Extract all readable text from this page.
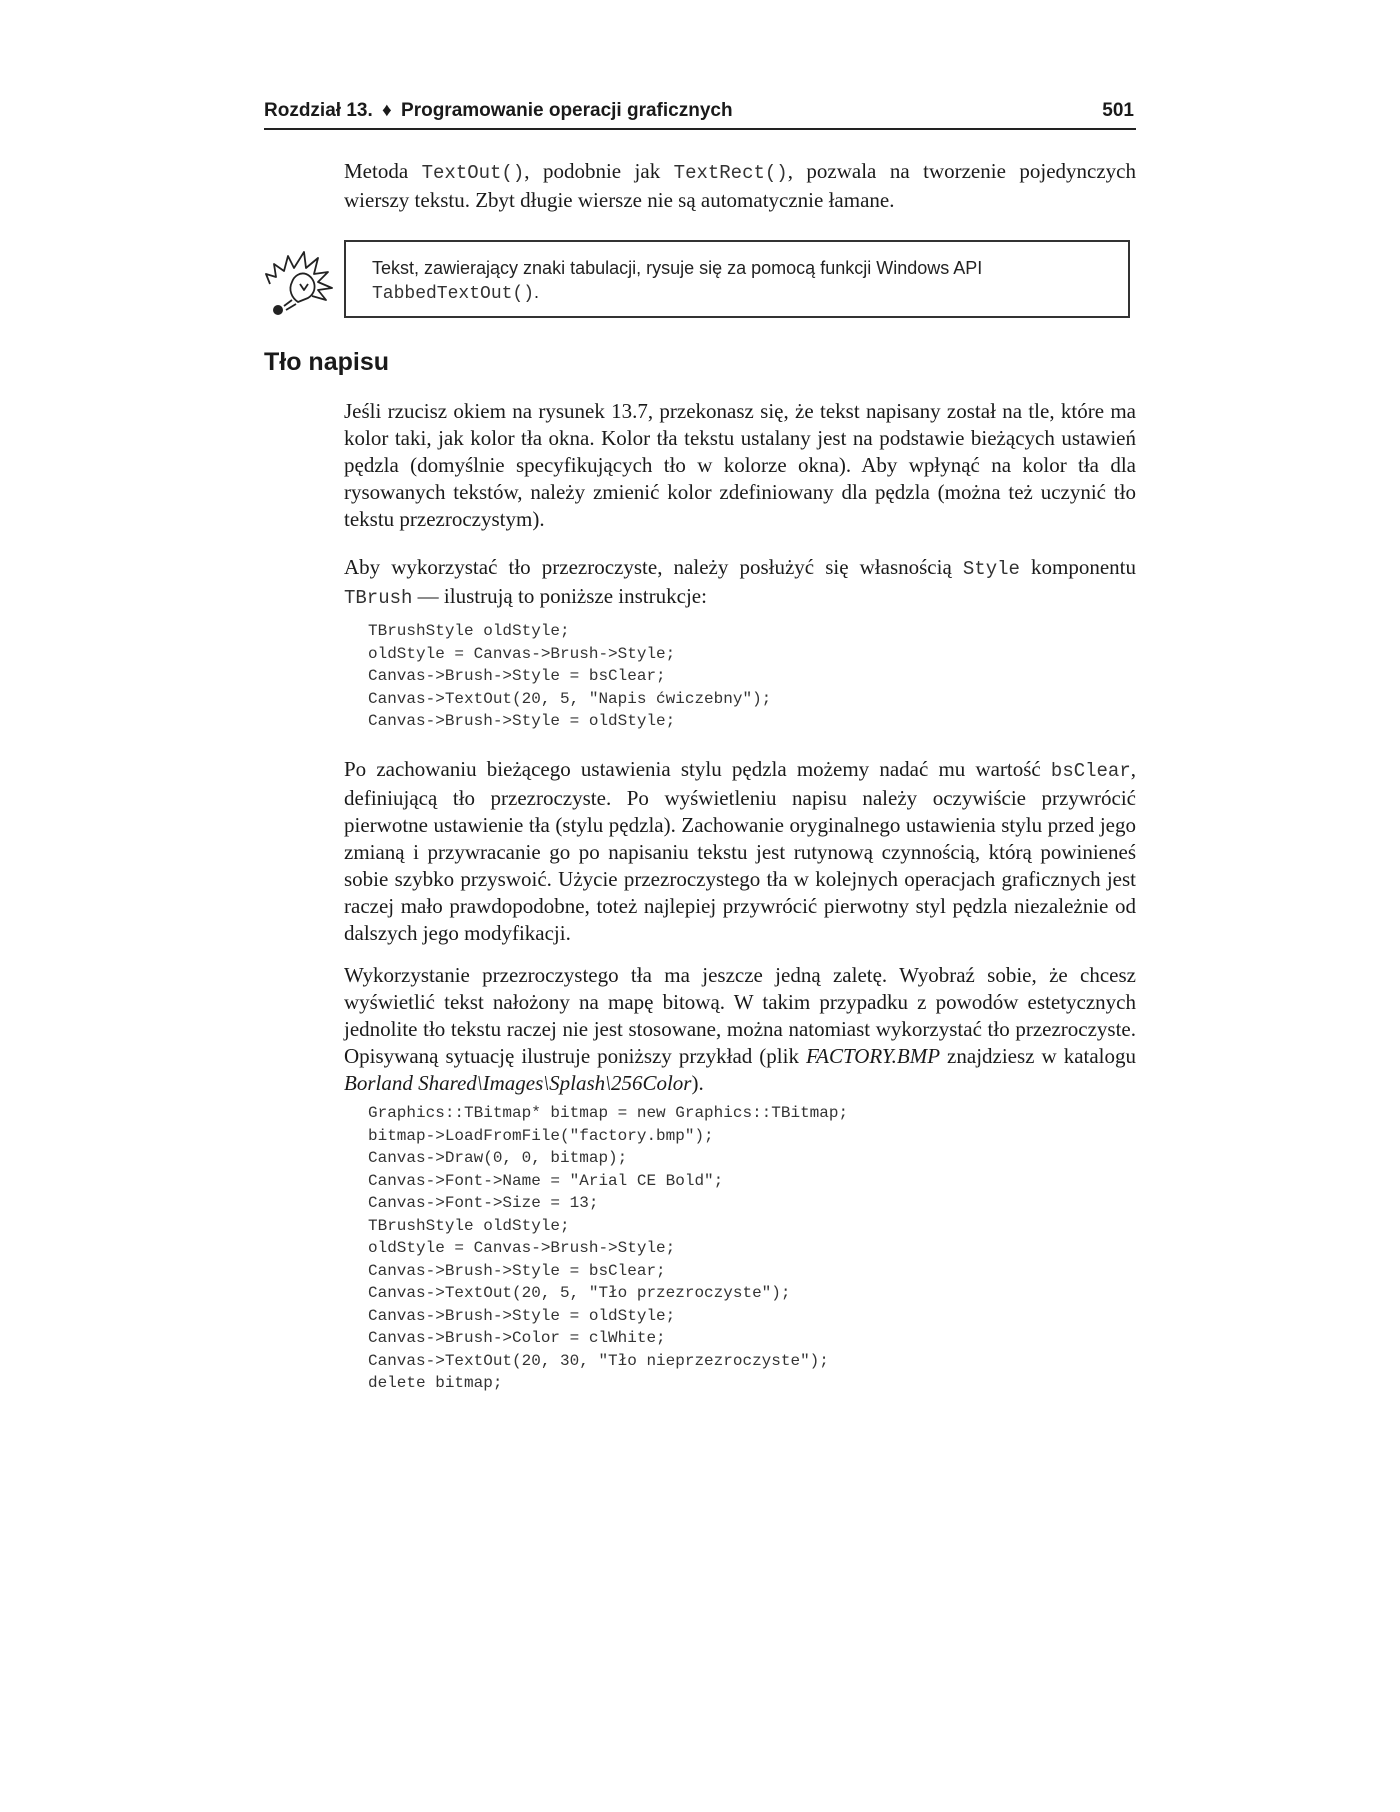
Rozdział 13. ♦ Programowanie operacji graficznych	501

Metoda TextOut(), podobnie jak TextRect(), pozwala na tworzenie pojedynczych wierszy tekstu. Zbyt długie wiersze nie są automatycznie łamane.

Tekst, zawierający znaki tabulacji, rysuje się za pomocą funkcji Windows API TabbedTextOut().
Tło napisu

Jeśli rzucisz okiem na rysunek 13.7, przekonasz się, że tekst napisany został na tle, które ma kolor taki, jak kolor tła okna. Kolor tła tekstu ustalany jest na podstawie bieżących ustawień pędzla (domyślnie specyfikujących tło w kolorze okna). Aby wpłynąć na kolor tła dla rysowanych tekstów, należy zmienić kolor zdefiniowany dla pędzla (można też uczynić tło tekstu przezroczystym).

Aby wykorzystać tło przezroczyste, należy posłużyć się własnością Style komponentu TBrush — ilustrują to poniższe instrukcje:

TBrushStyle oldStyle;
oldStyle = Canvas->Brush->Style;
Canvas->Brush->Style = bsClear;
Canvas->TextOut(20, 5, "Napis ćwiczebny");
Canvas->Brush->Style = oldStyle;

Po zachowaniu bieżącego ustawienia stylu pędzla możemy nadać mu wartość bsClear, definiującą tło przezroczyste. Po wyświetleniu napisu należy oczywiście przywrócić pierwotne ustawienie tła (stylu pędzla). Zachowanie oryginalnego ustawienia stylu przed jego zmianą i przywracanie go po napisaniu tekstu jest rutynową czynnością, którą powinieneś sobie szybko przyswoić. Użycie przezroczystego tła w kolejnych operacjach graficznych jest raczej mało prawdopodobne, toteż najlepiej przywrócić pierwotny styl pędzla niezależnie od dalszych jego modyfikacji.

Wykorzystanie przezroczystego tła ma jeszcze jedną zaletę. Wyobraź sobie, że chcesz wyświetlić tekst nałożony na mapę bitową. W takim przypadku z powodów estetycznych jednolite tło tekstu raczej nie jest stosowane, można natomiast wykorzystać tło przezroczyste. Opisywaną sytuację ilustruje poniższy przykład (plik FACTORY.BMP znajdziesz w katalogu Borland Shared\Images\Splash\256Color).

Graphics::TBitmap* bitmap = new Graphics::TBitmap;
bitmap->LoadFromFile("factory.bmp");
Canvas->Draw(0, 0, bitmap);
Canvas->Font->Name = "Arial CE Bold";
Canvas->Font->Size = 13;
TBrushStyle oldStyle;
oldStyle = Canvas->Brush->Style;
Canvas->Brush->Style = bsClear;
Canvas->TextOut(20, 5, "Tło przezroczyste");
Canvas->Brush->Style = oldStyle;
Canvas->Brush->Color = clWhite;
Canvas->TextOut(20, 30, "Tło nieprzezroczyste");
delete bitmap;
